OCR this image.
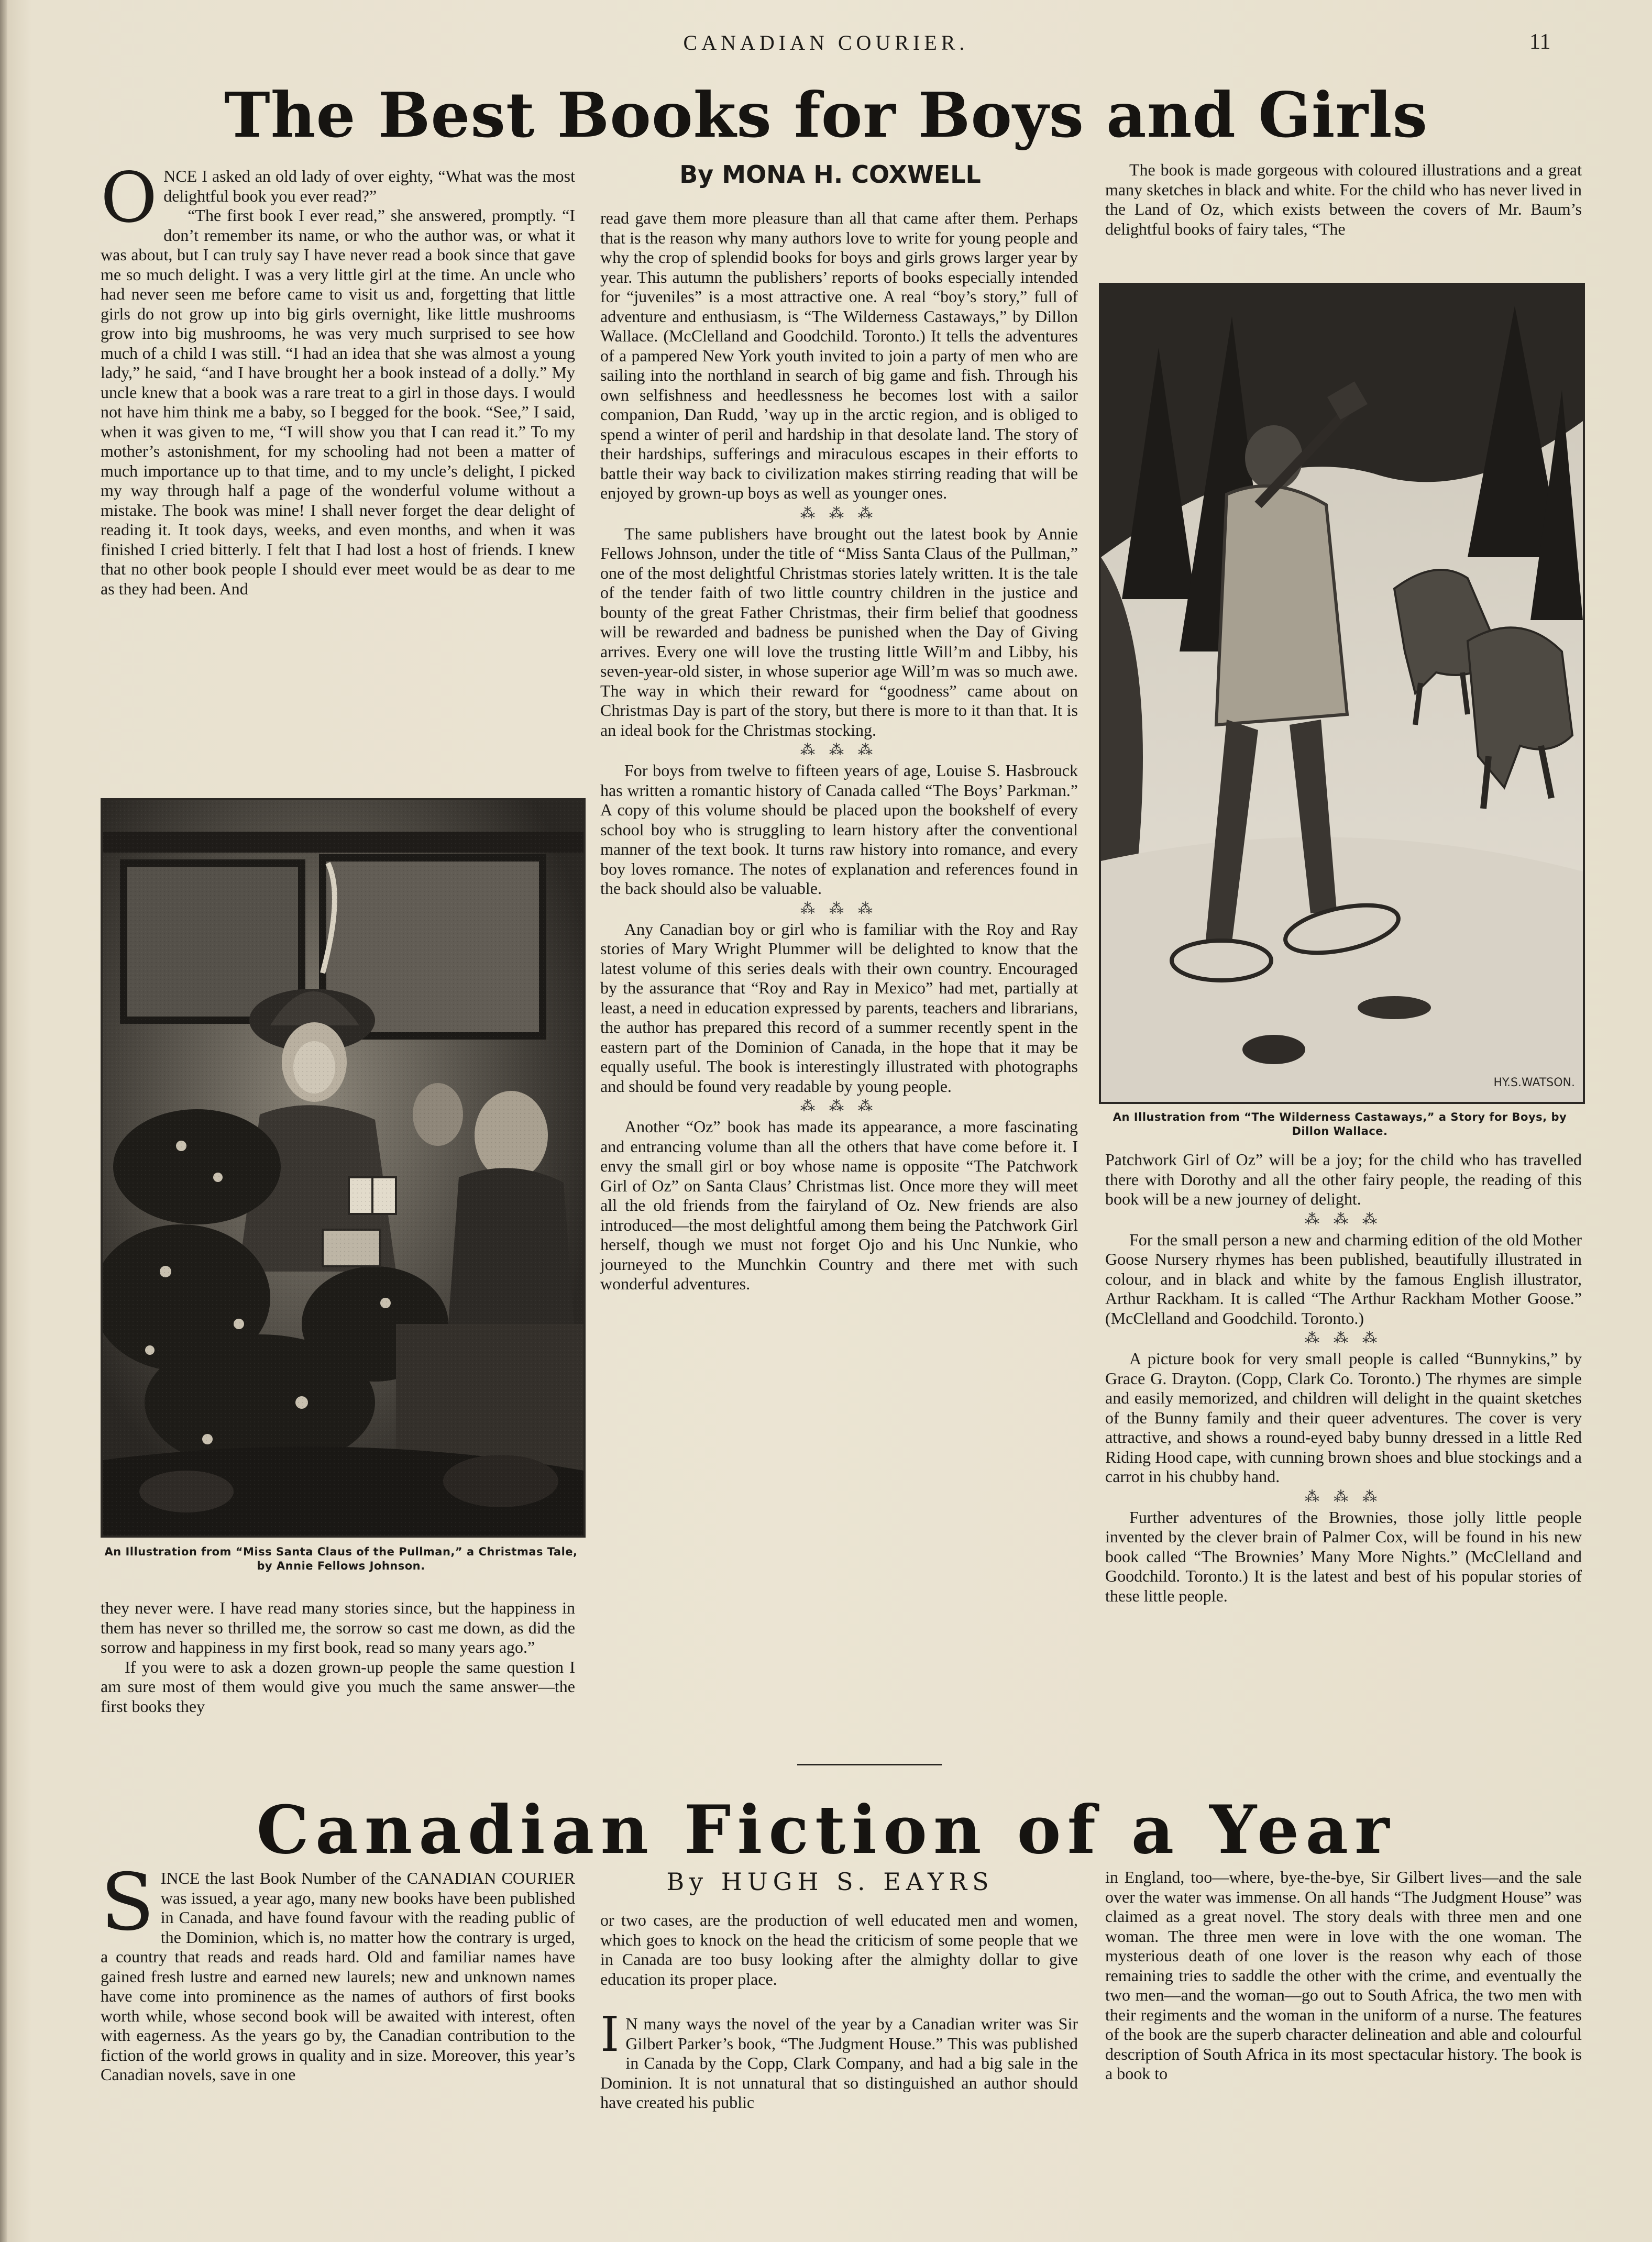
CANADIAN COURIER.	11
The Best Books for Boys and Girls
By MONA H. COXWELL

ONCE I asked an old lady of over eighty, “What was the most delightful book you ever read?”

“The first book I ever read,” she answered, promptly. “I don’t remember its name, or who the author was, or what it was about, but I can truly say I have never read a book since that gave me so much delight. I was a very little girl at the time. An uncle who had never seen me before came to visit us and, forgetting that little girls do not grow up into big girls overnight, like little mushrooms grow into big mushrooms, he was very much surprised to see how much of a child I was still. “I had an idea that she was almost a young lady,” he said, “and I have brought her a book instead of a dolly.” My uncle knew that a book was a rare treat to a girl in those days. I would not have him think me a baby, so I begged for the book. “See,” I said, when it was given to me, “I will show you that I can read it.” To my mother’s astonishment, for my schooling had not been a matter of much importance up to that time, and to my uncle’s delight, I picked my way through half a page of the wonderful volume without a mistake. The book was mine! I shall never forget the dear delight of reading it. It took days, weeks, and even months, and when it was finished I cried bitterly. I felt that I had lost a host of friends. I knew that no other book people I should ever meet would be as dear to me as they had been. And

An Illustration from “Miss Santa Claus of the Pullman,” a Christmas Tale, by Annie Fellows Johnson.

they never were. I have read many stories since, but the happiness in them has never so thrilled me, the sorrow so cast me down, as did the sorrow and happiness in my first book, read so many years ago.”

If you were to ask a dozen grown-up people the same question I am sure most of them would give you much the same answer—the first books they

read gave them more pleasure than all that came after them. Perhaps that is the reason why many authors love to write for young people and why the crop of splendid books for boys and girls grows larger year by year. This autumn the publishers’ reports of books especially intended for “juveniles” is a most attractive one. A real “boy’s story,” full of adventure and enthusiasm, is “The Wilderness Castaways,” by Dillon Wallace. (McClelland and Goodchild. Toronto.) It tells the adventures of a pampered New York youth invited to join a party of men who are sailing into the northland in search of big game and fish. Through his own selfishness and heedlessness he becomes lost with a sailor companion, Dan Rudd, ’way up in the arctic region, and is obliged to spend a winter of peril and hardship in that desolate land. The story of their hardships, sufferings and miraculous escapes in their efforts to battle their way back to civilization makes stirring reading that will be enjoyed by grown-up boys as well as younger ones.

⁂ ⁂ ⁂

The same publishers have brought out the latest book by Annie Fellows Johnson, under the title of “Miss Santa Claus of the Pullman,” one of the most delightful Christmas stories lately written. It is the tale of the tender faith of two little country children in the justice and bounty of the great Father Christmas, their firm belief that goodness will be rewarded and badness be punished when the Day of Giving arrives. Every one will love the trusting little Will’m and Libby, his seven-year-old sister, in whose superior age Will’m was so much awe. The way in which their reward for “goodness” came about on Christmas Day is part of the story, but there is more to it than that. It is an ideal book for the Christmas stocking.

⁂ ⁂ ⁂

For boys from twelve to fifteen years of age, Louise S. Hasbrouck has written a romantic history of Canada called “The Boys’ Parkman.” A copy of this volume should be placed upon the bookshelf of every school boy who is struggling to learn history after the conventional manner of the text book. It turns raw history into romance, and every boy loves romance. The notes of explanation and references found in the back should also be valuable.

⁂ ⁂ ⁂

Any Canadian boy or girl who is familiar with the Roy and Ray stories of Mary Wright Plummer will be delighted to know that the latest volume of this series deals with their own country. Encouraged by the assurance that “Roy and Ray in Mexico” had met, partially at least, a need in education expressed by parents, teachers and librarians, the author has prepared this record of a summer recently spent in the eastern part of the Dominion of Canada, in the hope that it may be equally useful. The book is interestingly illustrated with photographs and should be found very readable by young people.

⁂ ⁂ ⁂

Another “Oz” book has made its appearance, a more fascinating and entrancing volume than all the others that have come before it. I envy the small girl or boy whose name is opposite “The Patchwork Girl of Oz” on Santa Claus’ Christmas list. Once more they will meet all the old friends from the fairyland of Oz. New friends are also introduced—the most delightful among them being the Patchwork Girl herself, though we must not forget Ojo and his Unc Nunkie, who journeyed to the Munchkin Country and there met with such wonderful adventures.

The book is made gorgeous with coloured illustrations and a great many sketches in black and white. For the child who has never lived in the Land of Oz, which exists between the covers of Mr. Baum’s delightful books of fairy tales, “The

HY.S.WATSON.
An Illustration from “The Wilderness Castaways,” a Story for Boys, by Dillon Wallace.

Patchwork Girl of Oz” will be a joy; for the child who has travelled there with Dorothy and all the other fairy people, the reading of this book will be a new journey of delight.

⁂ ⁂ ⁂

For the small person a new and charming edition of the old Mother Goose Nursery rhymes has been published, beautifully illustrated in colour, and in black and white by the famous English illustrator, Arthur Rackham. It is called “The Arthur Rackham Mother Goose.” (McClelland and Goodchild. Toronto.)

⁂ ⁂ ⁂

A picture book for very small people is called “Bunnykins,” by Grace G. Drayton. (Copp, Clark Co. Toronto.) The rhymes are simple and easily memorized, and children will delight in the quaint sketches of the Bunny family and their queer adventures. The cover is very attractive, and shows a round-eyed baby bunny dressed in a little Red Riding Hood cape, with cunning brown shoes and blue stockings and a carrot in his chubby hand.

⁂ ⁂ ⁂

Further adventures of the Brownies, those jolly little people invented by the clever brain of Palmer Cox, will be found in his new book called “The Brownies’ Many More Nights.” (McClelland and Goodchild. Toronto.) It is the latest and best of his popular stories of these little people.

Canadian Fiction of a Year
By HUGH S. EAYRS

SINCE the last Book Number of the CANADIAN COURIER was issued, a year ago, many new books have been published in Canada, and have found favour with the reading public of the Dominion, which is, no matter how the contrary is urged, a country that reads and reads hard. Old and familiar names have gained fresh lustre and earned new laurels; new and unknown names have come into prominence as the names of authors of first books worth while, whose second book will be awaited with interest, often with eagerness. As the years go by, the Canadian contribution to the fiction of the world grows in quality and in size. Moreover, this year’s Canadian novels, save in one

or two cases, are the production of well educated men and women, which goes to knock on the head the criticism of some people that we in Canada are too busy looking after the almighty dollar to give education its proper place.

I N many ways the novel of the year by a Canadian writer was Sir Gilbert Parker’s book, “The Judgment House.” This was published in Canada by the Copp, Clark Company, and had a big sale in the Dominion. It is not unnatural that so distinguished an author should have created his public

in England, too—where, bye-the-bye, Sir Gilbert lives—and the sale over the water was immense. On all hands “The Judgment House” was claimed as a great novel. The story deals with three men and one woman. The three men were in love with the one woman. The mysterious death of one lover is the reason why each of those remaining tries to saddle the other with the crime, and eventually the two men—and the woman—go out to South Africa, the two men with their regiments and the woman in the uniform of a nurse. The features of the book are the superb character delineation and able and colourful description of South Africa in its most spectacular history. The book is a book to
